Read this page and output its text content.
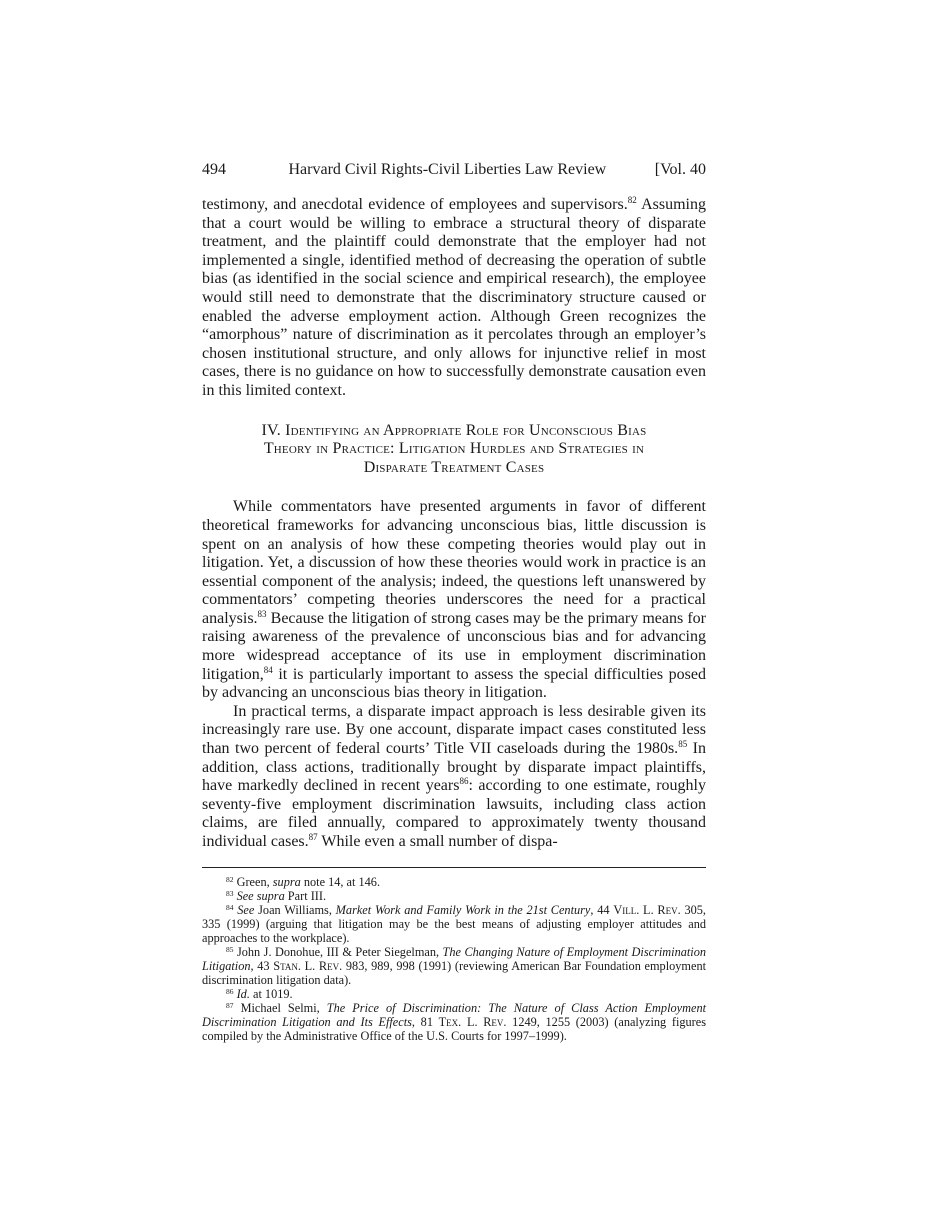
494	Harvard Civil Rights-Civil Liberties Law Review	[Vol. 40

testimony, and anecdotal evidence of employees and supervisors.$^{82}$ Assuming that a court would be willing to embrace a structural theory of disparate treatment, and the plaintiff could demonstrate that the employer had not implemented a single, identified method of decreasing the operation of subtle bias (as identified in the social science and empirical research), the employee would still need to demonstrate that the discriminatory structure caused or enabled the adverse employment action. Although Green recognizes the “amorphous” nature of discrimination as it percolates through an employer’s chosen institutional structure, and only allows for injunctive relief in most cases, there is no guidance on how to successfully demonstrate causation even in this limited context.

IV. Identifying an Appropriate Role for Unconscious Bias
Theory in Practice: Litigation Hurdles and Strategies in
Disparate Treatment Cases

While commentators have presented arguments in favor of different theoretical frameworks for advancing unconscious bias, little discussion is spent on an analysis of how these competing theories would play out in litigation. Yet, a discussion of how these theories would work in practice is an essential component of the analysis; indeed, the questions left unanswered by commentators’ competing theories underscores the need for a practical analysis.$^{83}$ Because the litigation of strong cases may be the primary means for raising awareness of the prevalence of unconscious bias and for advancing more widespread acceptance of its use in employment discrimination litigation,$^{84}$ it is particularly important to assess the special difficulties posed by advancing an unconscious bias theory in litigation.

In practical terms, a disparate impact approach is less desirable given its increasingly rare use. By one account, disparate impact cases constituted less than two percent of federal courts’ Title VII caseloads during the 1980s.$^{85}$ In addition, class actions, traditionally brought by disparate impact plaintiffs, have markedly declined in recent years$^{86}$: according to one estimate, roughly seventy-five employment discrimination lawsuits, including class action claims, are filed annually, compared to approximately twenty thousand individual cases.$^{87}$ While even a small number of dispa-

$^{82}$ Green, supra note 14, at 146.

$^{83}$ See supra Part III.

$^{84}$ See Joan Williams, Market Work and Family Work in the 21st Century, 44 Vill. L. Rev. 305, 335 (1999) (arguing that litigation may be the best means of adjusting employer attitudes and approaches to the workplace).

$^{85}$ John J. Donohue, III & Peter Siegelman, The Changing Nature of Employment Discrimination Litigation, 43 Stan. L. Rev. 983, 989, 998 (1991) (reviewing American Bar Foundation employment discrimination litigation data).

$^{86}$ Id. at 1019.

$^{87}$ Michael Selmi, The Price of Discrimination: The Nature of Class Action Employment Discrimination Litigation and Its Effects, 81 Tex. L. Rev. 1249, 1255 (2003) (analyzing figures compiled by the Administrative Office of the U.S. Courts for 1997–1999).
